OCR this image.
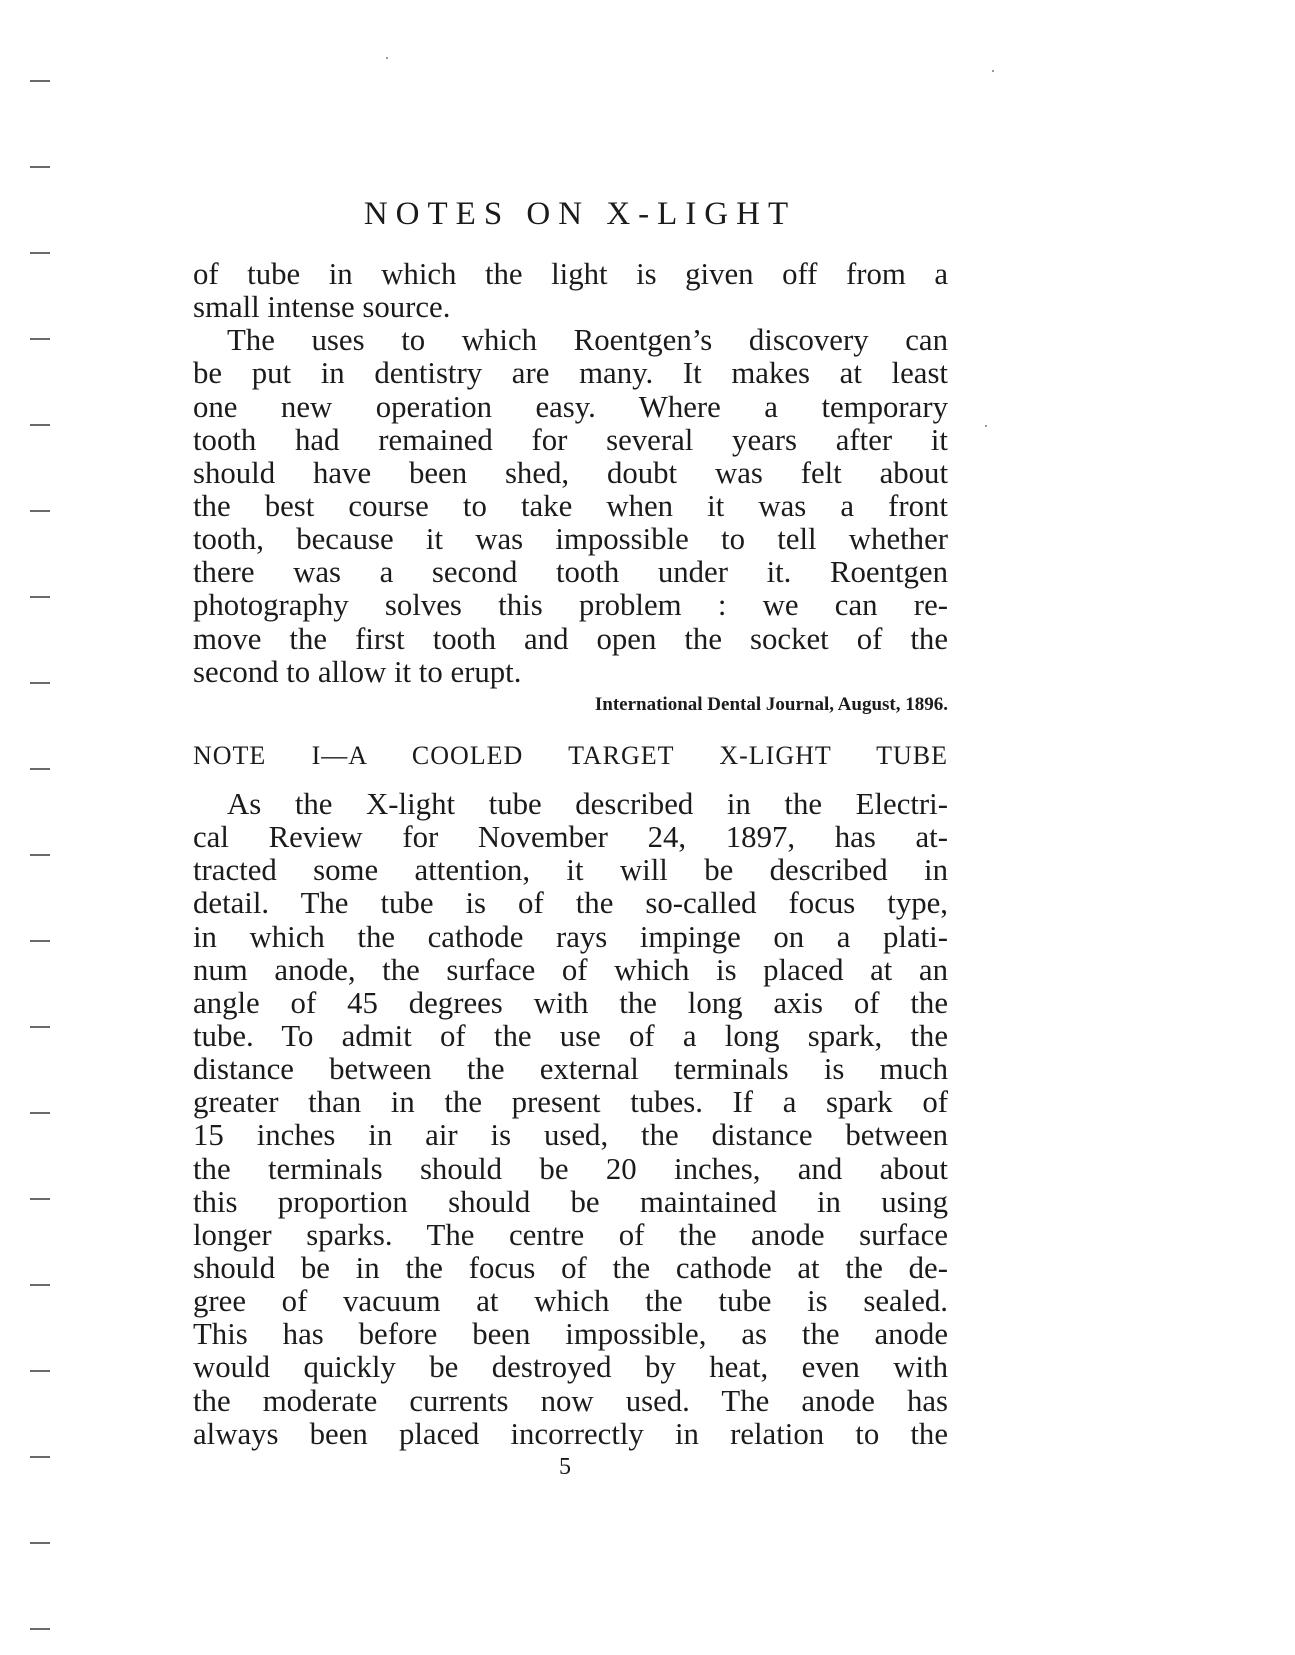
NOTES ON X-LIGHT
of tube in which the light is given off from a
small intense source.
The uses to which Roentgen’s discovery can
be put in dentistry are many. It makes at least
one new operation easy. Where a temporary
tooth had remained for several years after it
should have been shed, doubt was felt about
the best course to take when it was a front
tooth, because it was impossible to tell whether
there was a second tooth under it. Roentgen
photography solves this problem : we can re-
move the first tooth and open the socket of the
second to allow it to erupt.
International Dental Journal, August, 1896.
NOTE I—A COOLED TARGET X-LIGHT TUBE
As the X-light tube described in the Electri-
cal Review for November 24, 1897, has at-
tracted some attention, it will be described in
detail. The tube is of the so-called focus type,
in which the cathode rays impinge on a plati-
num anode, the surface of which is placed at an
angle of 45 degrees with the long axis of the
tube. To admit of the use of a long spark, the
distance between the external terminals is much
greater than in the present tubes. If a spark of
15 inches in air is used, the distance between
the terminals should be 20 inches, and about
this proportion should be maintained in using
longer sparks. The centre of the anode surface
should be in the focus of the cathode at the de-
gree of vacuum at which the tube is sealed.
This has before been impossible, as the anode
would quickly be destroyed by heat, even with
the moderate currents now used. The anode has
always been placed incorrectly in relation to the
5
